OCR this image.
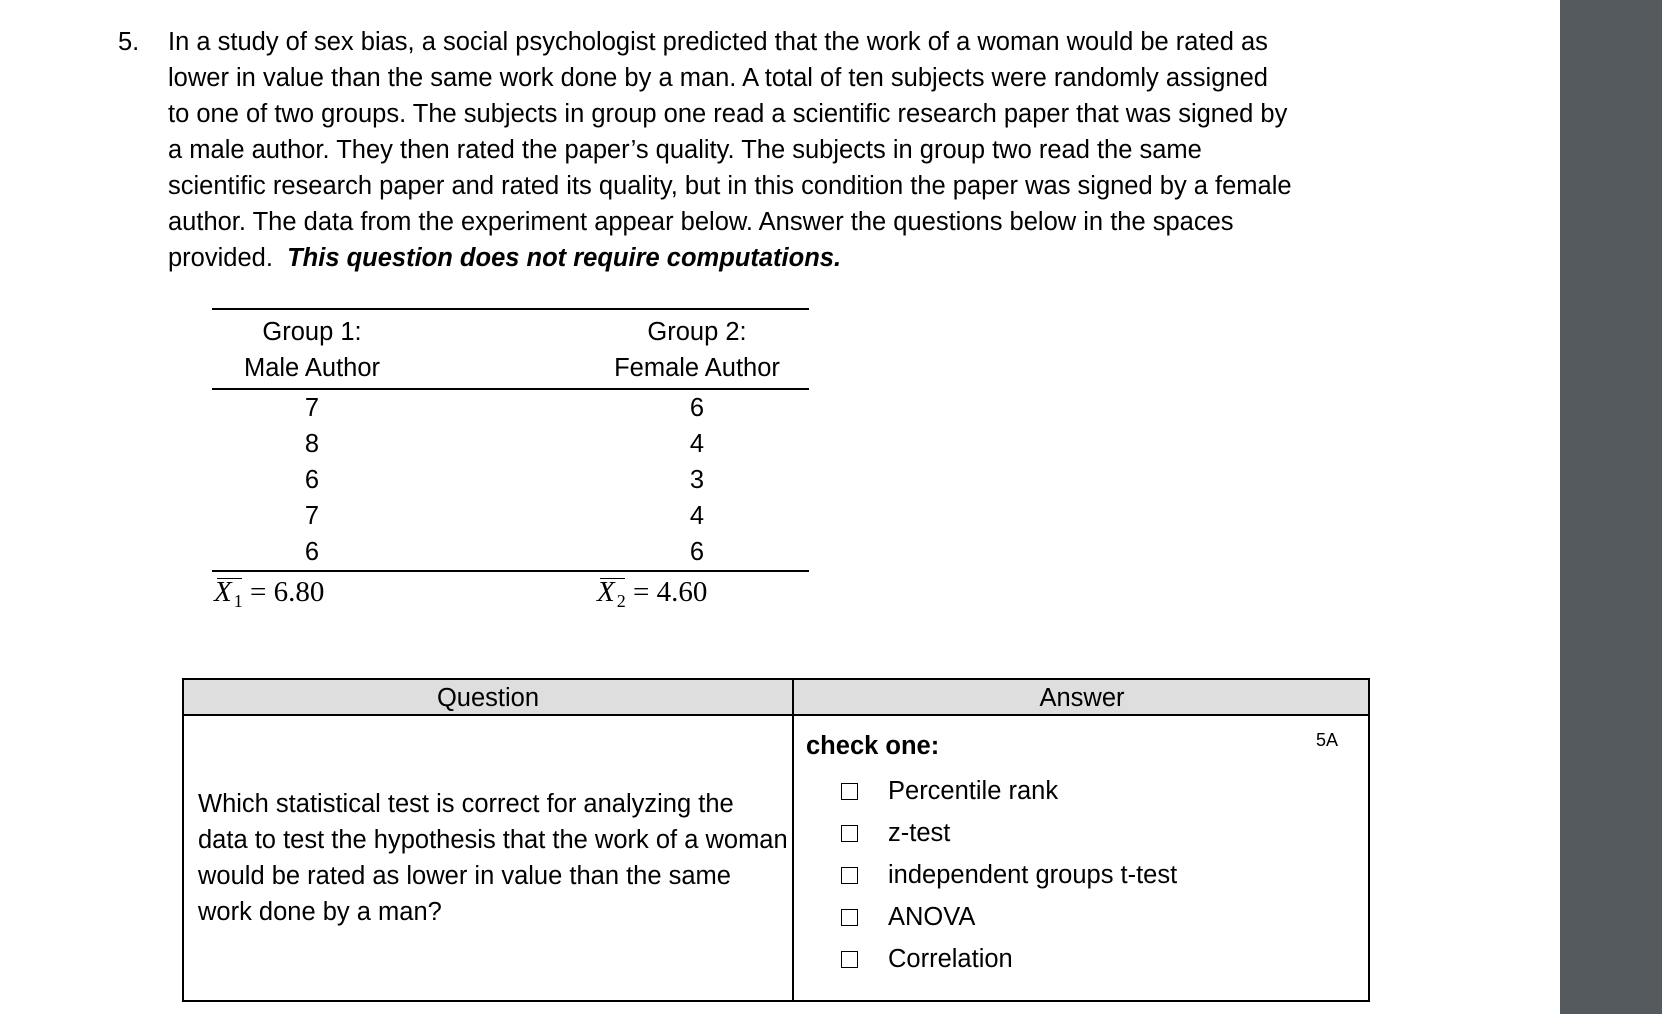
5. In a study of sex bias, a social psychologist predicted that the work of a woman would be rated as
lower in value than the same work done by a man. A total of ten subjects were randomly assigned
to one of two groups. The subjects in group one read a scientific research paper that was signed by
a male author. They then rated the paper’s quality. The subjects in group two read the same
scientific research paper and rated its quality, but in this condition the paper was signed by a female
author. The data from the experiment appear below. Answer the questions below in the spaces
provided.  This question does not require computations.
Group 1:
Male Author
Group 2:
Female Author
7
8
6
7
6
6
4
3
4
6
X $_1$ = 6.80	X $_2$ = 4.60
Question	Answer
Which statistical test is correct for analyzing the data to test the hypothesis that the work of a woman would be rated as lower in value than the same work done by a man?
5A
check one:
Percentile rank
z-test
independent groups t-test
ANOVA
Correlation
